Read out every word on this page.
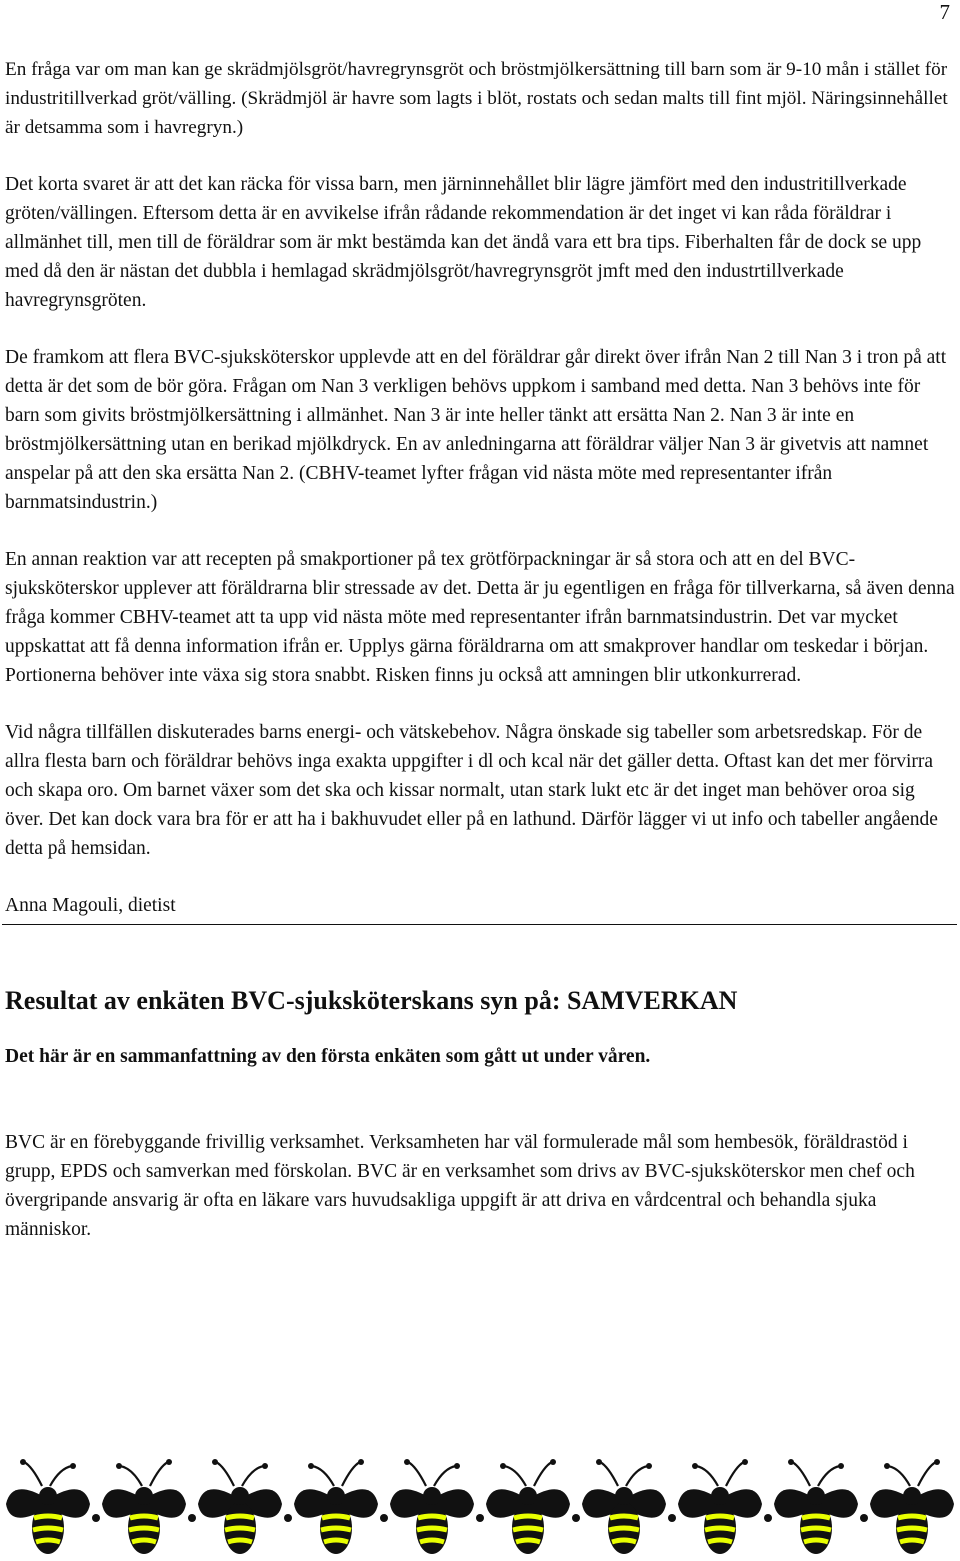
7

En fråga var om man kan ge skrädmjölsgröt/havregrynsgröt och bröstmjölkersättning till barn som är 9-10 mån i stället för industritillverkad gröt/välling. (Skrädmjöl är havre som lagts i blöt, rostats och sedan malts till fint mjöl. Näringsinnehållet är detsamma som i havregryn.)

Det korta svaret är att det kan räcka för vissa barn, men järninnehållet blir lägre jämfört med den industritillverkade gröten/vällingen. Eftersom detta är en avvikelse ifrån rådande rekommendation är det inget vi kan råda föräldrar i allmänhet till, men till de föräldrar som är mkt bestämda kan det ändå vara ett bra tips. Fiberhalten får de dock se upp med då den är nästan det dubbla i hemlagad skrädmjölsgröt/havregrynsgröt jmft med den industrtillverkade havregrynsgröten.

De framkom att flera BVC-sjuksköterskor upplevde att en del föräldrar går direkt över ifrån Nan 2 till Nan 3 i tron på att detta är det som de bör göra. Frågan om Nan 3 verkligen behövs uppkom i samband med detta. Nan 3 behövs inte för barn som givits bröstmjölkersättning i allmänhet. Nan 3 är inte heller tänkt att ersätta Nan 2. Nan 3 är inte en bröstmjölkersättning utan en berikad mjölkdryck. En av anledningarna att föräldrar väljer Nan 3 är givetvis att namnet anspelar på att den ska ersätta Nan 2. (CBHV-teamet lyfter frågan vid nästa möte med representanter ifrån barnmatsindustrin.)

En annan reaktion var att recepten på smakportioner på tex grötförpackningar är så stora och att en del BVC-sjuksköterskor upplever att föräldrarna blir stressade av det. Detta är ju egentligen en fråga för tillverkarna, så även denna fråga kommer CBHV-teamet att ta upp vid nästa möte med representanter ifrån barnmatsindustrin. Det var mycket uppskattat att få denna information ifrån er. Upplys gärna föräldrarna om att smakprover handlar om teskedar i början. Portionerna behöver inte växa sig stora snabbt. Risken finns ju också att amningen blir utkonkurrerad.

Vid några tillfällen diskuterades barns energi- och vätskebehov. Några önskade sig tabeller som arbetsredskap. För de allra flesta barn och föräldrar behövs inga exakta uppgifter i dl och kcal när det gäller detta. Oftast kan det mer förvirra och skapa oro. Om barnet växer som det ska och kissar normalt, utan stark lukt etc är det inget man behöver oroa sig över. Det kan dock vara bra för er att ha i bakhuvudet eller på en lathund. Därför lägger vi ut info och tabeller angående detta på hemsidan.

Anna Magouli, dietist

Resultat av enkäten BVC-sjuksköterskans syn på: SAMVERKAN

Det här är en sammanfattning av den första enkäten som gått ut under våren.

BVC är en förebyggande frivillig verksamhet. Verksamheten har väl formulerade mål som hembesök, föräldrastöd i grupp, EPDS och samverkan med förskolan. BVC är en verksamhet som drivs av BVC-sjuksköterskor men chef och övergripande ansvarig är ofta en läkare vars huvudsakliga uppgift är att driva en vårdcentral och behandla sjuka människor.
